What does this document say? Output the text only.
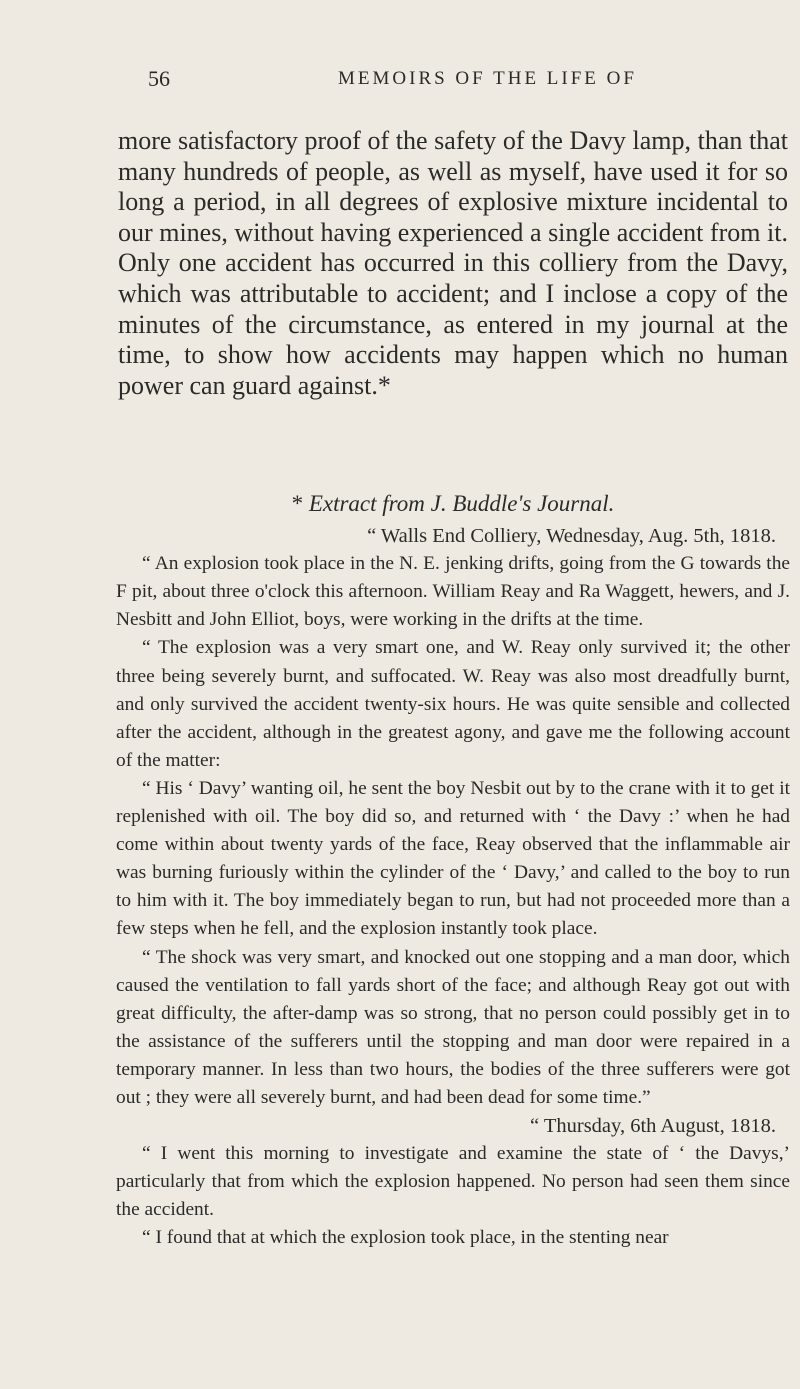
56	MEMOIRS OF THE LIFE OF

more satisfactory proof of the safety of the Davy lamp, than that many hundreds of people, as well as myself, have used it for so long a period, in all degrees of explosive mixture incidental to our mines, without having experienced a single accident from it. Only one accident has occurred in this colliery from the Davy, which was attributable to accident; and I inclose a copy of the minutes of the circumstance, as entered in my journal at the time, to show how accidents may happen which no human power can guard against.*

* Extract from J. Buddle's Journal.

“ Walls End Colliery, Wednesday, Aug. 5th, 1818.

“ An explosion took place in the N. E. jenking drifts, going from the G towards the F pit, about three o'clock this afternoon. William Reay and Ra Waggett, hewers, and J. Nesbitt and John Elliot, boys, were working in the drifts at the time.

“ The explosion was a very smart one, and W. Reay only survived it; the other three being severely burnt, and suffocated. W. Reay was also most dreadfully burnt, and only survived the accident twenty-six hours. He was quite sensible and collected after the accident, although in the greatest agony, and gave me the following account of the matter:

“ His ‘ Davy’ wanting oil, he sent the boy Nesbit out by to the crane with it to get it replenished with oil. The boy did so, and returned with ‘ the Davy :’ when he had come within about twenty yards of the face, Reay observed that the inflammable air was burning furiously within the cylinder of the ‘ Davy,’ and called to the boy to run to him with it. The boy immediately began to run, but had not proceeded more than a few steps when he fell, and the explosion instantly took place.

“ The shock was very smart, and knocked out one stopping and a man door, which caused the ventilation to fall yards short of the face; and although Reay got out with great difficulty, the after-damp was so strong, that no person could possibly get in to the assistance of the sufferers until the stopping and man door were repaired in a temporary manner. In less than two hours, the bodies of the three sufferers were got out ; they were all severely burnt, and had been dead for some time.”

“ Thursday, 6th August, 1818.

“ I went this morning to investigate and examine the state of ‘ the Davys,’ particularly that from which the explosion happened. No person had seen them since the accident.

“ I found that at which the explosion took place, in the stenting near
